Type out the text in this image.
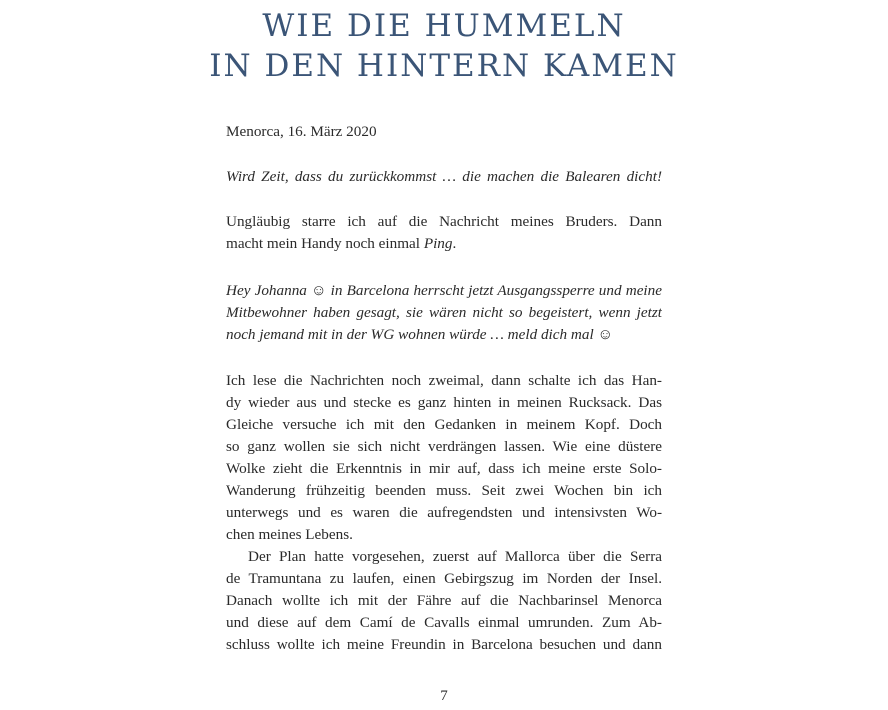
WIE DIE HUMMELN
IN DEN HINTERN KAMEN
Menorca, 16. März 2020
Wird Zeit, dass du zurückkommst … die machen die Balearen dicht!
Ungläubig starre ich auf die Nachricht meines Bruders. Dann
macht mein Handy noch einmal Ping.
Hey Johanna ☺ in Barcelona herrscht jetzt Ausgangssperre und meine
Mitbewohner haben gesagt, sie wären nicht so begeistert, wenn jetzt
noch jemand mit in der WG wohnen würde … meld dich mal ☺
Ich lese die Nachrichten noch zweimal, dann schalte ich das Han-
dy wieder aus und stecke es ganz hinten in meinen Rucksack. Das
Gleiche versuche ich mit den Gedanken in meinem Kopf. Doch
so ganz wollen sie sich nicht verdrängen lassen. Wie eine düstere
Wolke zieht die Erkenntnis in mir auf, dass ich meine erste Solo-
Wanderung frühzeitig beenden muss. Seit zwei Wochen bin ich
unterwegs und es waren die aufregendsten und intensivsten Wo-
chen meines Lebens.
Der Plan hatte vorgesehen, zuerst auf Mallorca über die Serra
de Tramuntana zu laufen, einen Gebirgszug im Norden der Insel.
Danach wollte ich mit der Fähre auf die Nachbarinsel Menorca
und diese auf dem Camí de Cavalls einmal umrunden. Zum Ab-
schluss wollte ich meine Freundin in Barcelona besuchen und dann
7
